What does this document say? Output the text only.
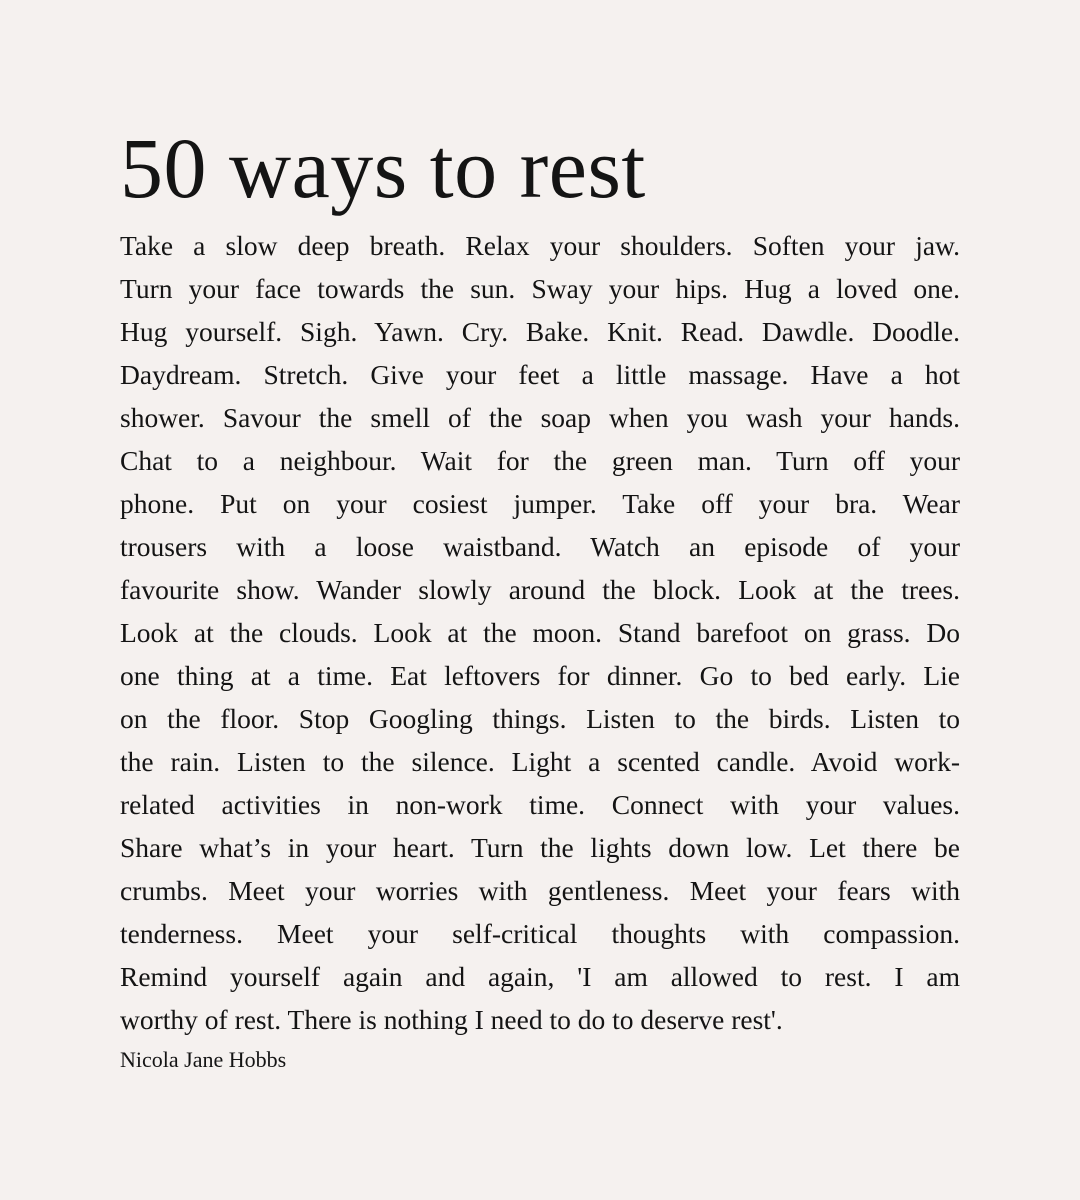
50 ways to rest
Take a slow deep breath. Relax your shoulders. Soften your jaw.
Turn your face towards the sun. Sway your hips. Hug a loved one.
Hug yourself. Sigh. Yawn. Cry. Bake. Knit. Read. Dawdle. Doodle.
Daydream. Stretch. Give your feet a little massage. Have a hot
shower. Savour the smell of the soap when you wash your hands.
Chat to a neighbour. Wait for the green man. Turn off your
phone. Put on your cosiest jumper. Take off your bra. Wear
trousers with a loose waistband. Watch an episode of your
favourite show. Wander slowly around the block. Look at the trees.
Look at the clouds. Look at the moon. Stand barefoot on grass. Do
one thing at a time. Eat leftovers for dinner. Go to bed early. Lie
on the floor. Stop Googling things. Listen to the birds. Listen to
the rain. Listen to the silence. Light a scented candle. Avoid work-
related activities in non-work time. Connect with your values.
Share what’s in your heart. Turn the lights down low. Let there be
crumbs. Meet your worries with gentleness. Meet your fears with
tenderness. Meet your self-critical thoughts with compassion.
Remind yourself again and again, 'I am allowed to rest. I am
worthy of rest. There is nothing I need to do to deserve rest'.
Nicola Jane Hobbs
